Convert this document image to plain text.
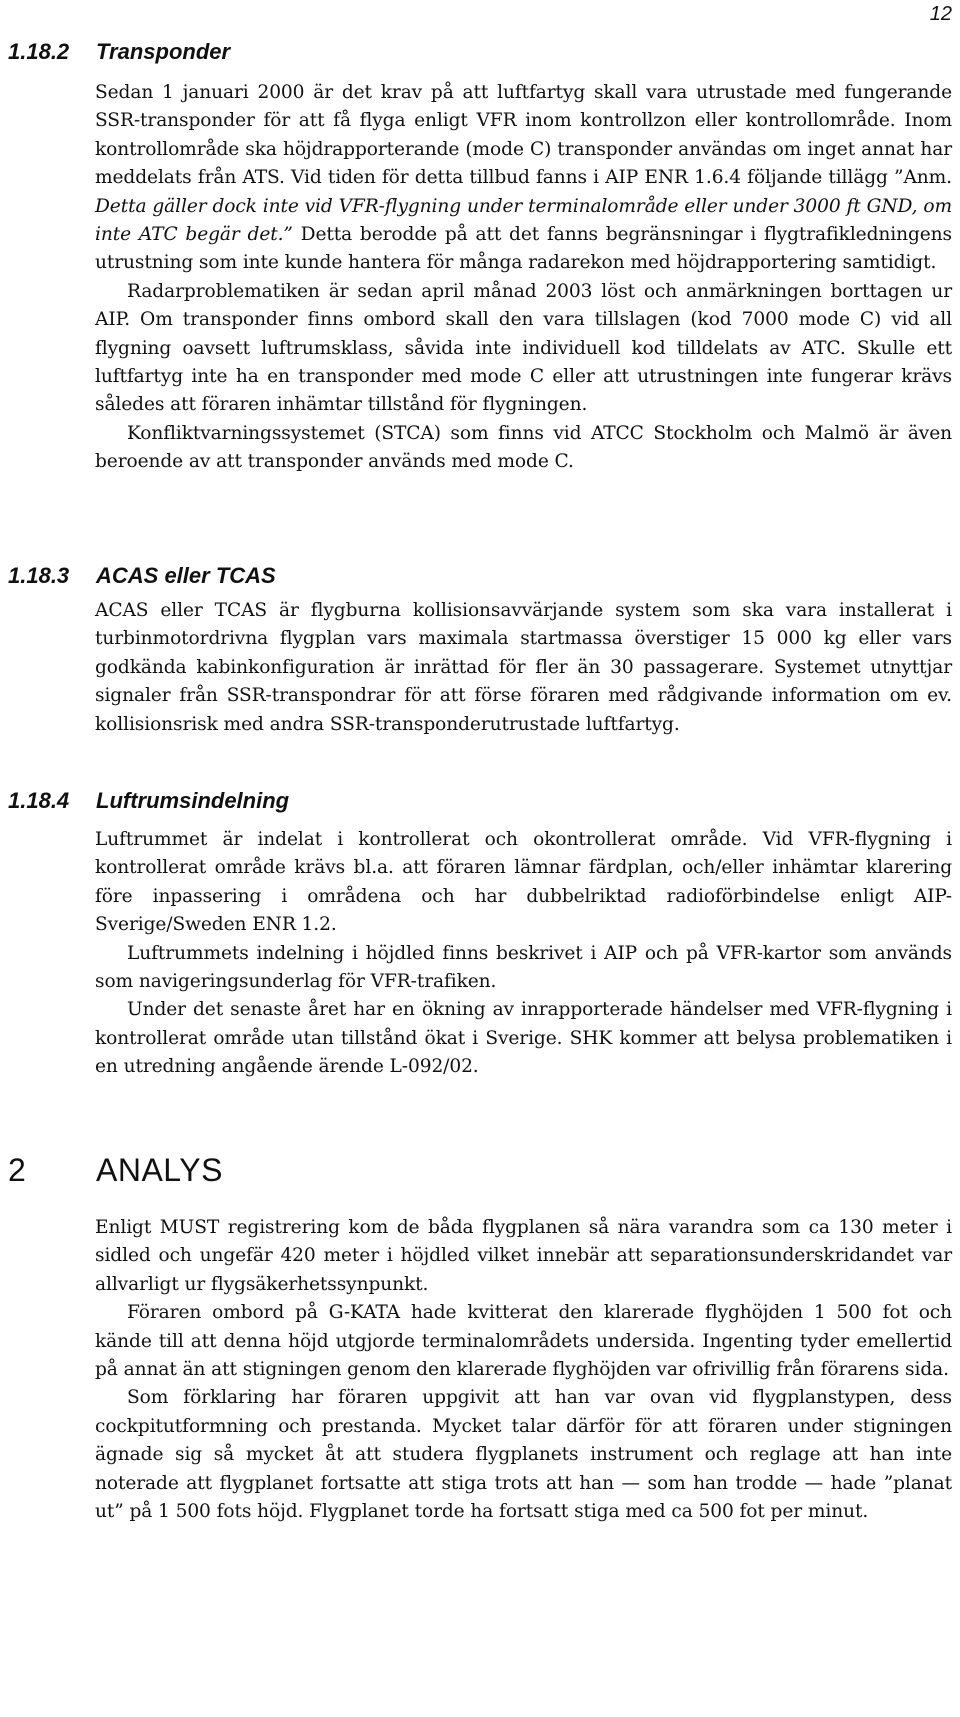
12
1.18.2	Transponder

Sedan 1 januari 2000 är det krav på att luftfartyg skall vara utrustade med fungerande SSR-transponder för att få flyga enligt VFR inom kontrollzon eller kontrollområde. Inom kontrollområde ska höjdrapporterande (mode C) transponder användas om inget annat har meddelats från ATS. Vid tiden för detta tillbud fanns i AIP ENR 1.6.4 följande tillägg ”Anm. Detta gäller dock inte vid VFR-flygning under terminalområde eller under 3000 ft GND, om inte ATC begär det.” Detta berodde på att det fanns begränsningar i flygtrafikledningens utrustning som inte kunde hantera för många radarekon med höjdrapportering samtidigt.

Radarproblematiken är sedan april månad 2003 löst och anmärkningen borttagen ur AIP. Om transponder finns ombord skall den vara tillslagen (kod 7000 mode C) vid all flygning oavsett luftrumsklass, såvida inte individuell kod tilldelats av ATC. Skulle ett luftfartyg inte ha en transponder med mode C eller att utrustningen inte fungerar krävs således att föraren inhämtar tillstånd för flygningen.

Konfliktvarningssystemet (STCA) som finns vid ATCC Stockholm och Malmö är även beroende av att transponder används med mode C.

1.18.3	ACAS eller TCAS

ACAS eller TCAS är flygburna kollisionsavvärjande system som ska vara installerat i turbinmotordrivna flygplan vars maximala startmassa överstiger 15 000 kg eller vars godkända kabinkonfiguration är inrättad för fler än 30 passagerare. Systemet utnyttjar signaler från SSR-transpondrar för att förse föraren med rådgivande information om ev. kollisionsrisk med andra SSR-transponderutrustade luftfartyg.

1.18.4	Luftrumsindelning

Luftrummet är indelat i kontrollerat och okontrollerat område. Vid VFR-flygning i kontrollerat område krävs bl.a. att föraren lämnar färdplan, och/eller inhämtar klarering före inpassering i områdena och har dubbelriktad radioförbindelse enligt AIP-Sverige/Sweden ENR 1.2.

Luftrummets indelning i höjdled finns beskrivet i AIP och på VFR-kartor som används som navigeringsunderlag för VFR-trafiken.

Under det senaste året har en ökning av inrapporterade händelser med VFR-flygning i kontrollerat område utan tillstånd ökat i Sverige. SHK kommer att belysa problematiken i en utredning angående ärende L-092/02.

2	ANALYS

Enligt MUST registrering kom de båda flygplanen så nära varandra som ca 130 meter i sidled och ungefär 420 meter i höjdled vilket innebär att separationsunderskridandet var allvarligt ur flygsäkerhetssynpunkt.

Föraren ombord på G-KATA hade kvitterat den klarerade flyghöjden 1 500 fot och kände till att denna höjd utgjorde terminalområdets undersida. Ingenting tyder emellertid på annat än att stigningen genom den klarerade flyghöjden var ofrivillig från förarens sida.

Som förklaring har föraren uppgivit att han var ovan vid flygplanstypen, dess cockpitutformning och prestanda. Mycket talar därför för att föraren under stigningen ägnade sig så mycket åt att studera flygplanets instrument och reglage att han inte noterade att flygplanet fortsatte att stiga trots att han — som han trodde — hade ”planat ut” på 1 500 fots höjd. Flygplanet torde ha fortsatt stiga med ca 500 fot per minut.
